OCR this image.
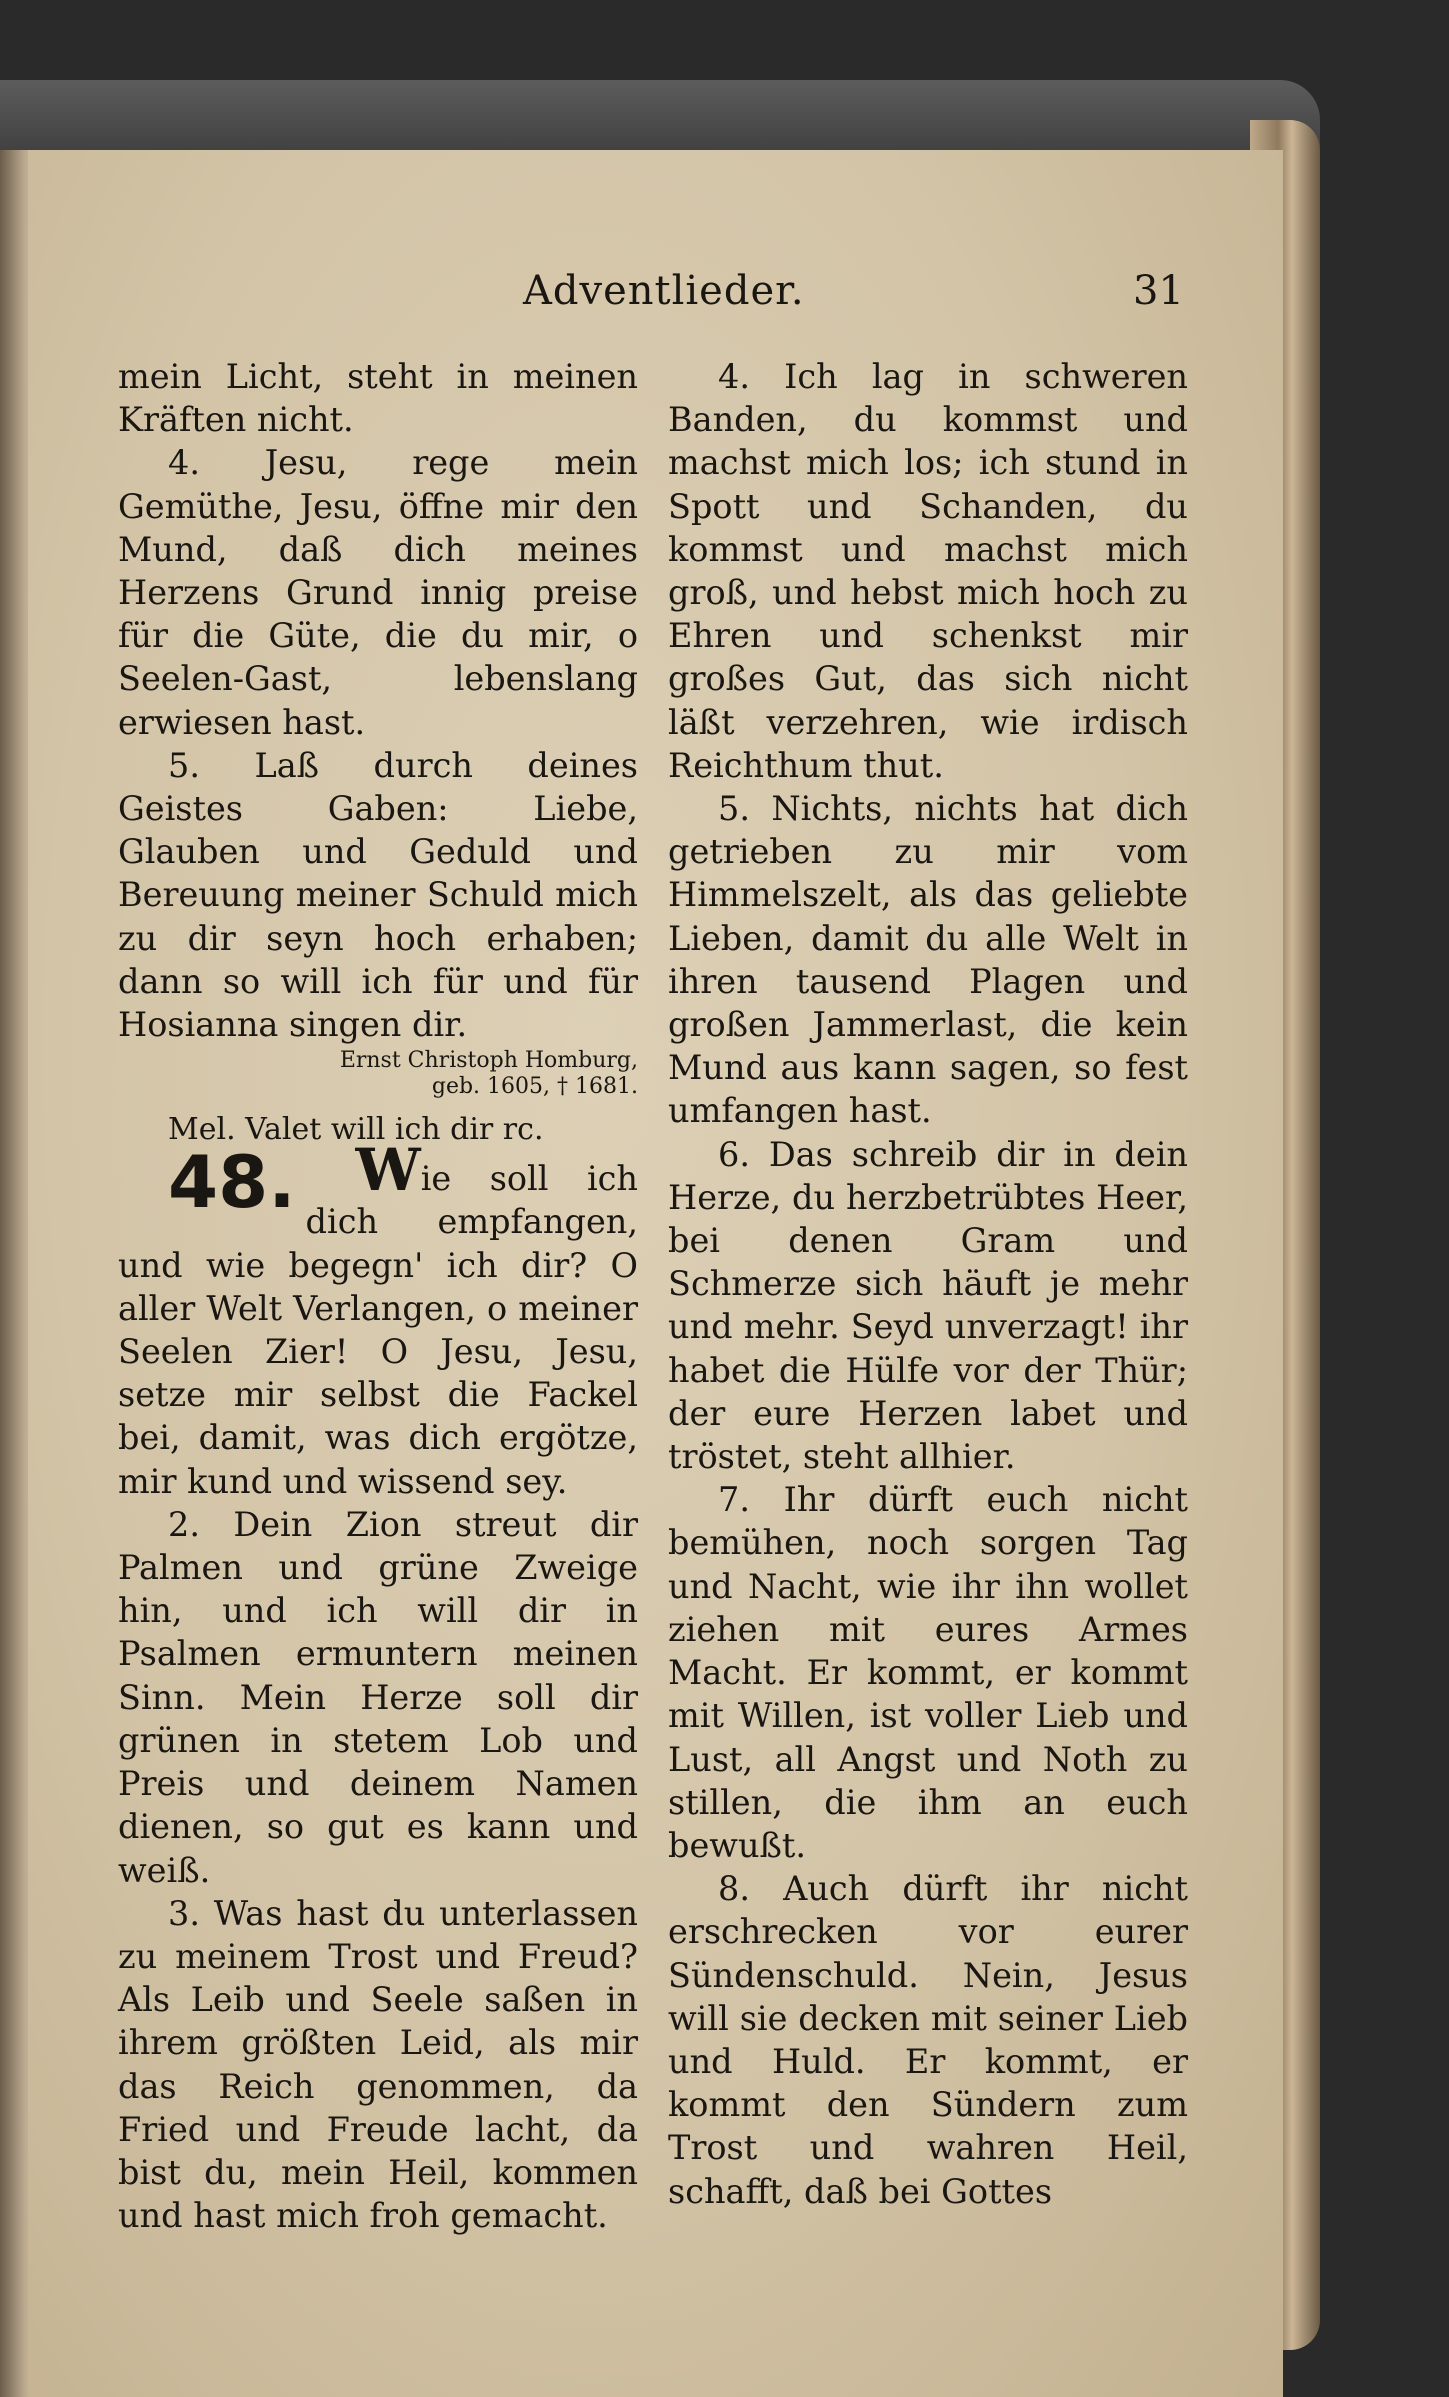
Adventlieder.	31

mein Licht, steht in meinen Kräften nicht.

4. Jesu, rege mein Gemüthe, Jesu, öffne mir den Mund, daß dich meines Herzens Grund innig preise für die Güte, die du mir, o Seelen-Gast, lebenslang erwiesen hast.

5. Laß durch deines Geistes Gaben: Liebe, Glauben und Geduld und Bereuung meiner Schuld mich zu dir seyn hoch erhaben; dann so will ich für und für Hosianna singen dir.

Ernst Christoph Homburg,
geb. 1605, † 1681.

Mel. Valet will ich dir rc.

48. Wie soll ich dich empfangen, und wie begegn' ich dir? O aller Welt Verlangen, o meiner Seelen Zier! O Jesu, Jesu, setze mir selbst die Fackel bei, damit, was dich ergötze, mir kund und wissend sey.

2. Dein Zion streut dir Palmen und grüne Zweige hin, und ich will dir in Psalmen ermuntern meinen Sinn. Mein Herze soll dir grünen in stetem Lob und Preis und deinem Namen dienen, so gut es kann und weiß.

3. Was hast du unterlassen zu meinem Trost und Freud? Als Leib und Seele saßen in ihrem größten Leid, als mir das Reich genommen, da Fried und Freude lacht, da bist du, mein Heil, kommen und hast mich froh gemacht.

4. Ich lag in schweren Banden, du kommst und machst mich los; ich stund in Spott und Schanden, du kommst und machst mich groß, und hebst mich hoch zu Ehren und schenkst mir großes Gut, das sich nicht läßt verzehren, wie irdisch Reichthum thut.

5. Nichts, nichts hat dich getrieben zu mir vom Himmelszelt, als das geliebte Lieben, damit du alle Welt in ihren tausend Plagen und großen Jammerlast, die kein Mund aus kann sagen, so fest umfangen hast.

6. Das schreib dir in dein Herze, du herzbetrübtes Heer, bei denen Gram und Schmerze sich häuft je mehr und mehr. Seyd unverzagt! ihr habet die Hülfe vor der Thür; der eure Herzen labet und tröstet, steht allhier.

7. Ihr dürft euch nicht bemühen, noch sorgen Tag und Nacht, wie ihr ihn wollet ziehen mit eures Armes Macht. Er kommt, er kommt mit Willen, ist voller Lieb und Lust, all Angst und Noth zu stillen, die ihm an euch bewußt.

8. Auch dürft ihr nicht erschrecken vor eurer Sündenschuld. Nein, Jesus will sie decken mit seiner Lieb und Huld. Er kommt, er kommt den Sündern zum Trost und wahren Heil, schafft, daß bei Gottes
